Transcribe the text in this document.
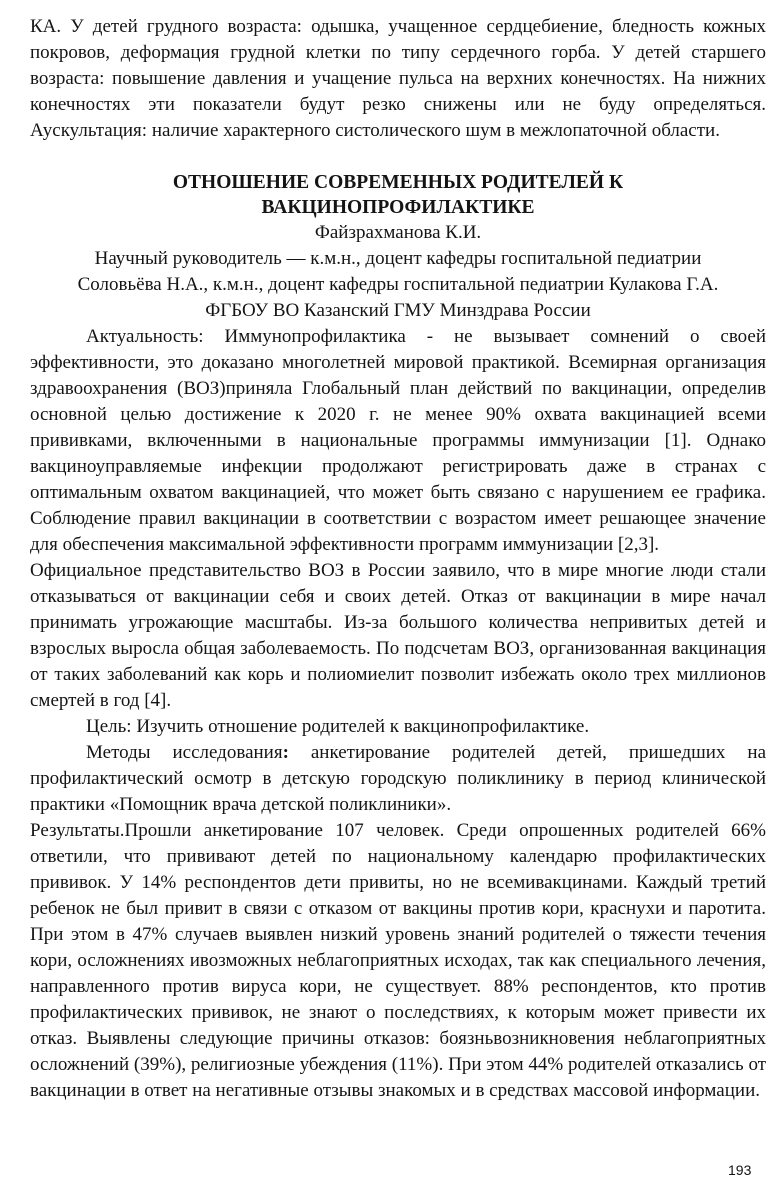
КА. У детей грудного возраста: одышка, учащенное сердцебиение, бледность кожных покровов, деформация грудной клетки по типу сердечного горба. У детей старшего возраста: повышение давления и учащение пульса на верхних конечностях. На нижних конечностях эти показатели будут резко снижены или не буду определяться. Аускультация: наличие характерного систолического шум в межлопаточной области.

ОТНОШЕНИЕ СОВРЕМЕННЫХ РОДИТЕЛЕЙ К

ВАКЦИНОПРОФИЛАКТИКЕ

Файзрахманова К.И.

Научный руководитель — к.м.н., доцент кафедры госпитальной педиатрии

Соловьёва Н.А., к.м.н., доцент кафедры госпитальной педиатрии Кулакова Г.А.

ФГБОУ ВО Казанский ГМУ Минздрава России

Актуальность: Иммунопрофилактика - не вызывает сомнений о своей эффективности, это доказано многолетней мировой практикой. Всемирная организация здравоохранения (ВОЗ)приняла Глобальный план действий по вакцинации, определив основной целью достижение к 2020 г. не менее 90% охвата вакцинацией всеми прививками, включенными в национальные программы иммунизации [1]. Однако вакциноуправляемые инфекции продолжают регистрировать даже в странах с оптимальным охватом вакцинацией, что может быть связано с нарушением ее графика. Соблюдение правил вакцинации в соответствии с возрастом имеет решающее значение для обеспечения максимальной эффективности программ иммунизации [2,3].

Официальное представительство ВОЗ в России заявило, что в мире многие люди стали отказываться от вакцинации себя и своих детей. Отказ от вакцинации в мире начал принимать угрожающие масштабы. Из-за большого количества непривитых детей и взрослых выросла общая заболеваемость. По подсчетам ВОЗ, организованная вакцинация от таких заболеваний как корь и полиомиелит позволит избежать около трех миллионов смертей в год [4].

Цель: Изучить отношение родителей к вакцинопрофилактике.

Методы исследования: анкетирование родителей детей, пришедших на профилактический осмотр в детскую городскую поликлинику в период клинической практики «Помощник врача детской поликлиники».

Результаты.Прошли анкетирование 107 человек. Среди опрошенных родителей 66% ответили, что прививают детей по национальному календарю профилактических прививок. У 14% респондентов дети привиты, но не всемивакцинами. Каждый третий ребенок не был привит в связи с отказом от вакцины против кори, краснухи и паротита. При этом в 47% случаев выявлен низкий уровень знаний родителей о тяжести течения кори, осложнениях ивозможных неблагоприятных исходах, так как специального лечения, направленного против вируса кори, не существует. 88% респондентов, кто против профилактических прививок, не знают о последствиях, к которым может привести их отказ. Выявлены следующие причины отказов: боязньвозникновения неблагоприятных осложнений (39%), религиозные убеждения (11%). При этом 44% родителей отказались от вакцинации в ответ на негативные отзывы знакомых и в средствах массовой информации.

193
